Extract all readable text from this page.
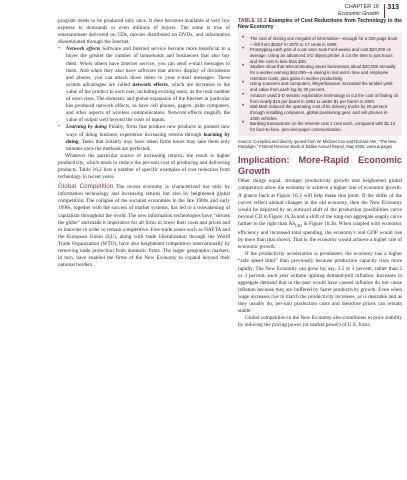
CHAPTER 16
Economic Growth
313

program needs to be produced only once. It then becomes available at very low expense to thousands or even millions of buyers. The same is true of entertainment delivered on CDs, movies distributed on DVDs, and information disseminated through the Internet.

• Network effects Software and Internet service become more beneficial to a buyer the greater the number of households and businesses that also buy them. When others have Internet service, you can send e-mail messages to them. And when they also have software that allows display of documents and photos, you can attach those items to your e-mail messages. These system advantages are called network effects, which are increases in the value of the product to each user, including existing users, as the total number of users rises. The domestic and global expansion of the Internet in particular has produced network effects, as have cell phones, pagers, palm computers, and other aspects of wireless communication. Network effects magnify the value of output well beyond the costs of inputs.
• Learning by doing Finally, firms that produce new products or pioneer new ways of doing business experience increasing returns through learning by doing. Tasks that initially may have taken firms hours may take them only minutes once the methods are perfected.

Whatever the particular source of increasing returns, the result is higher productivity, which tends to reduce the per-unit cost of producing and delivering products. Table 16.2 lists a number of specific examples of cost reduction from technology in recent years.

Global Competition The recent economy is characterized not only by information technology and increasing returns but also by heightened global competition. The collapse of the socialist economies in the late 1980s and early 1990s, together with the success of market systems, has led to a reawakening of capitalism throughout the world. The new information technologies have “shrunk the globe” and made it imperative for all firms to lower their costs and prices and to innovate in order to remain competitive. Free-trade zones such as NAFTA and the European Union (EU), along with trade liberalization through the World Trade Organization (WTO), have also heightened competition internationally by removing trade protection from domestic firms. The larger geographic markets, in turn, have enabled the firms of the New Economy to expand beyond their national borders.

TABLE 16.2 Examples of Cost Reductions from Technology in the New Economy
• The cost of storing one megabit of information—enough for a 320-page book—fell from $5257 in 1975 to 17 cents in 1999.
• Prototyping each part of a car once took Ford weeks and cost $20,000 on average. Using an advanced 3-D object printer, it cut the time to just hours and the cost to less than $20.
• Studies show that telecommuting saves businesses about $20,000 annually for a worker earning $44,000—a saving in lost worm time and employee retention costs, plus gains in worker productivity.
• Using scanners and computers, Weyerhaeuser increased the lumber yield and value from each log by 30 percent.
• Amazon used 3-D seismic exploration technology to cut the cost of finding oil from nearly $10 per barrel in 1991 to under $1 per barrel in 2000.
• Wal-Mart reduced the operating cost of its delivery trucks by 20 percent through installing computers, global positioning gear, and cell phones in 4300 vehicles.
• Banking transactions on the Internet cost 1 cent each, compared with $1.14 for face-to-face, pen-and-paper communication.
Source: Compiled and directly quoted from W. Michael Cox and Richard Alm, “The New Paradigm,” Federal Reserve Bank of Dallas Annual Report, May 2000, various pages.
Implication: More-Rapid Economic Growth

Other things equal, stronger productivity growth and heightened global competition allow the economy to achieve a higher rate of economic growth. A glance back at Figure 16.3 will help make this point. If the shifts of the curves reflect annual changes in the old economy, then the New Economy would be depicted by an outward shift of the production possibilities curve beyond CD in Figure 16.3a and a shift of the long-run aggregate supply curve farther to the right than $AS_{LR2}$ in Figure 16.3b. When coupled with economic efficiency and increased total spending, the economy's real GDP would rise by more than that shown. That is, the economy would achieve a higher rate of economic growth.

If the productivity acceleration is permanent, the economy has a higher “safe speed limit” than previously because production capacity rises more rapidly. The New Economy can grow by, say, 3.5 or 4 percent, rather than 2 or 3 percent, each year without igniting demand-pull inflation. Increases in aggregate demand that in the past would have caused inflation do not cause inflation because they are buffered by faster productivity growth. Even when wage increases rise to match the productivity increases, as is desirable and as they usually do, per-unit production costs and therefore prices can remain stable.

Global competition in the New Economy also contributes to price stability by reducing the pricing power (or market power) of U.S. firms.
